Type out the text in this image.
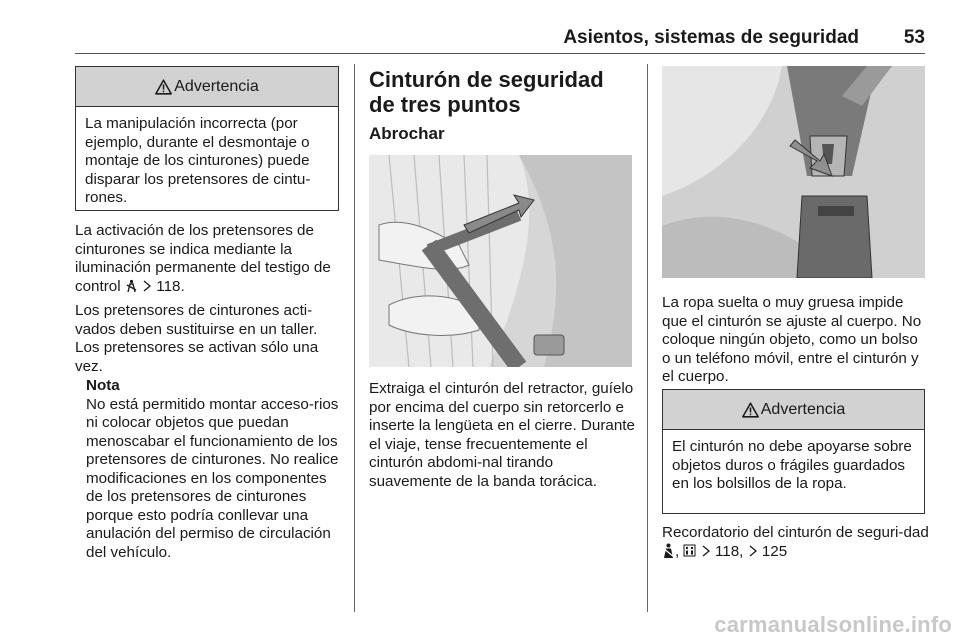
Asientos, sistemas de seguridad 53
Advertencia
La manipulación incorrecta (por ejemplo, durante el desmontaje o montaje de los cinturones) puede disparar los pretensores de cintu-rones.
La activación de los pretensores de cinturones se indica mediante la iluminación permanente del testigo de control 118.
Los pretensores de cinturones acti-vados deben sustituirse en un taller. Los pretensores se activan sólo una vez.
Nota
No está permitido montar acceso-rios ni colocar objetos que puedan menoscabar el funcionamiento de los pretensores de cinturones. No realice modificaciones en los componentes de los pretensores de cinturones porque esto podría conllevar una anulación del permiso de circulación del vehículo.
Cinturón de seguridad de tres puntos
Abrochar
Extraiga el cinturón del retractor, guíelo por encima del cuerpo sin retorcerlo e inserte la lengüeta en el cierre. Durante el viaje, tense frecuentemente el cinturón abdomi-nal tirando suavemente de la banda torácica.
La ropa suelta o muy gruesa impide que el cinturón se ajuste al cuerpo. No coloque ningún objeto, como un bolso o un teléfono móvil, entre el cinturón y el cuerpo.
Advertencia
El cinturón no debe apoyarse sobre objetos duros o frágiles guardados en los bolsillos de la ropa.
Recordatorio del cinturón de seguri-dad , 118, 125
carmanualsonline.info
